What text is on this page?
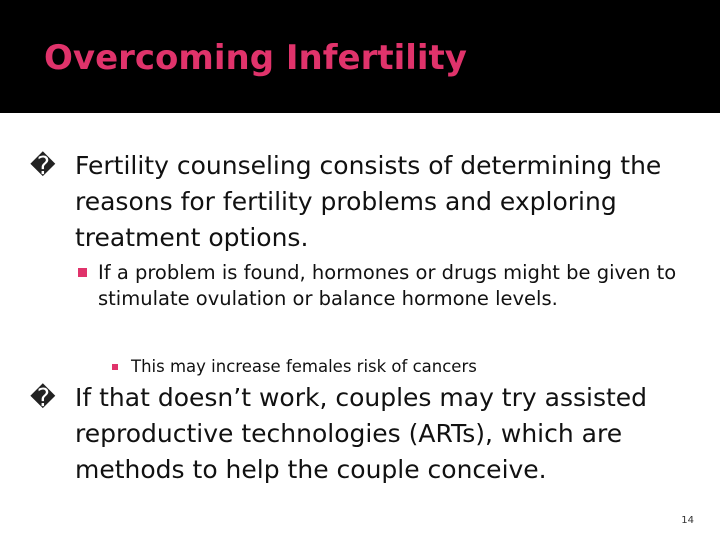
Overcoming Infertility
� Fertility counseling consists of determining the reasons for fertility problems and exploring treatment options.
If a problem is found, hormones or drugs might be given to stimulate ovulation or balance hormone levels.
This may increase females risk of cancers
� If that doesn’t work, couples may try assisted reproductive technologies (ARTs), which are methods to help the couple conceive.
14
